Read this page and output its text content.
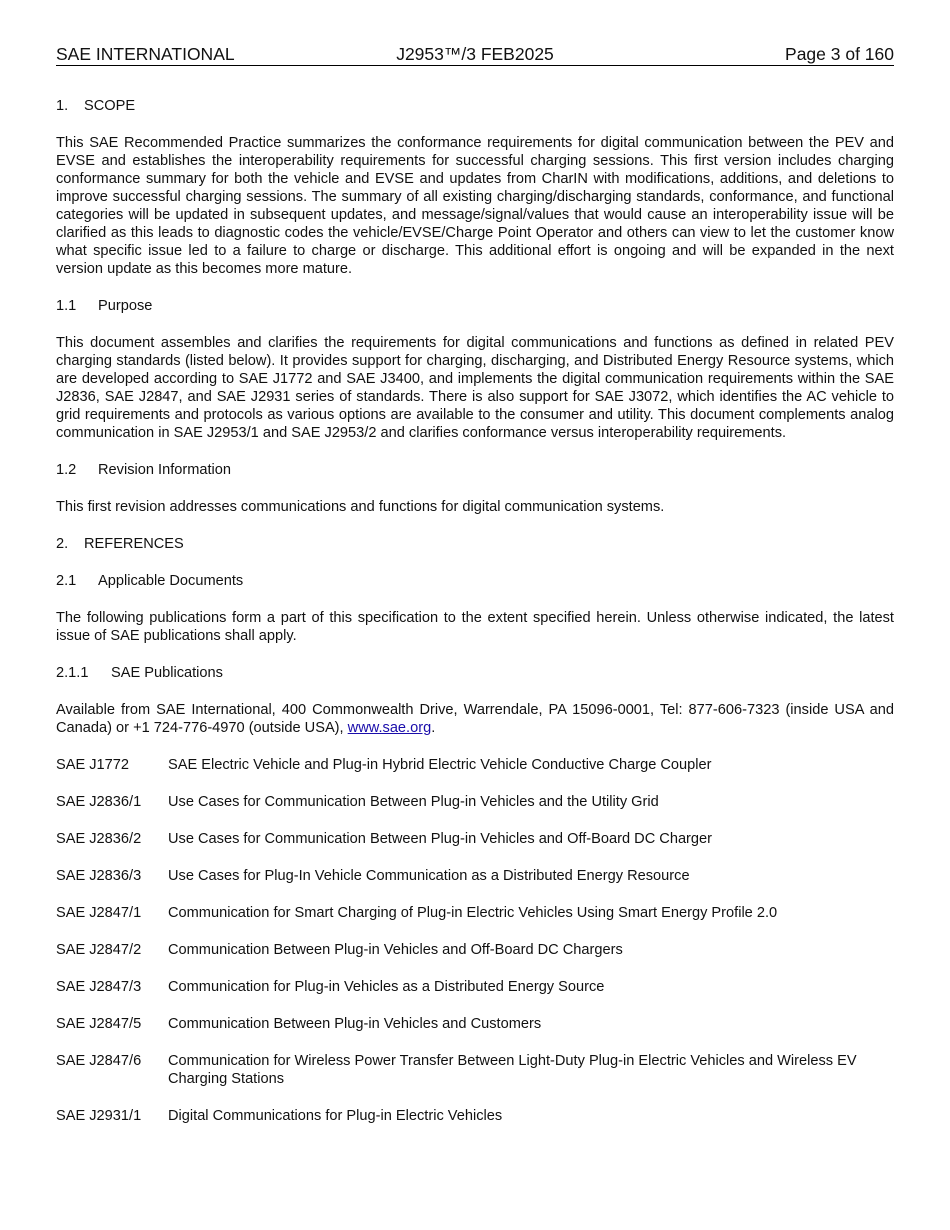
SAE INTERNATIONAL	J2953™/3 FEB2025	Page 3 of 160
1. SCOPE

This SAE Recommended Practice summarizes the conformance requirements for digital communication between the PEV and EVSE and establishes the interoperability requirements for successful charging sessions. This first version includes charging conformance summary for both the vehicle and EVSE and updates from CharIN with modifications, additions, and deletions to improve successful charging sessions. The summary of all existing charging/discharging standards, conformance, and functional categories will be updated in subsequent updates, and message/signal/values that would cause an interoperability issue will be clarified as this leads to diagnostic codes the vehicle/EVSE/Charge Point Operator and others can view to let the customer know what specific issue led to a failure to charge or discharge. This additional effort is ongoing and will be expanded in the next version update as this becomes more mature.

1.1 Purpose

This document assembles and clarifies the requirements for digital communications and functions as defined in related PEV charging standards (listed below). It provides support for charging, discharging, and Distributed Energy Resource systems, which are developed according to SAE J1772 and SAE J3400, and implements the digital communication requirements within the SAE J2836, SAE J2847, and SAE J2931 series of standards. There is also support for SAE J3072, which identifies the AC vehicle to grid requirements and protocols as various options are available to the consumer and utility. This document complements analog communication in SAE J2953/1 and SAE J2953/2 and clarifies conformance versus interoperability requirements.

1.2 Revision Information

This first revision addresses communications and functions for digital communication systems.

2. REFERENCES
2.1 Applicable Documents

The following publications form a part of this specification to the extent specified herein. Unless otherwise indicated, the latest issue of SAE publications shall apply.

2.1.1 SAE Publications

Available from SAE International, 400 Commonwealth Drive, Warrendale, PA 15096-0001, Tel: 877-606-7323 (inside USA and Canada) or +1 724-776-4970 (outside USA), www.sae.org.

SAE J1772	SAE Electric Vehicle and Plug-in Hybrid Electric Vehicle Conductive Charge Coupler
SAE J2836/1	Use Cases for Communication Between Plug-in Vehicles and the Utility Grid
SAE J2836/2	Use Cases for Communication Between Plug-in Vehicles and Off-Board DC Charger
SAE J2836/3	Use Cases for Plug-In Vehicle Communication as a Distributed Energy Resource
SAE J2847/1	Communication for Smart Charging of Plug-in Electric Vehicles Using Smart Energy Profile 2.0
SAE J2847/2	Communication Between Plug-in Vehicles and Off-Board DC Chargers
SAE J2847/3	Communication for Plug-in Vehicles as a Distributed Energy Source
SAE J2847/5	Communication Between Plug-in Vehicles and Customers
SAE J2847/6	Communication for Wireless Power Transfer Between Light-Duty Plug-in Electric Vehicles and Wireless EV Charging Stations
SAE J2931/1	Digital Communications for Plug-in Electric Vehicles
